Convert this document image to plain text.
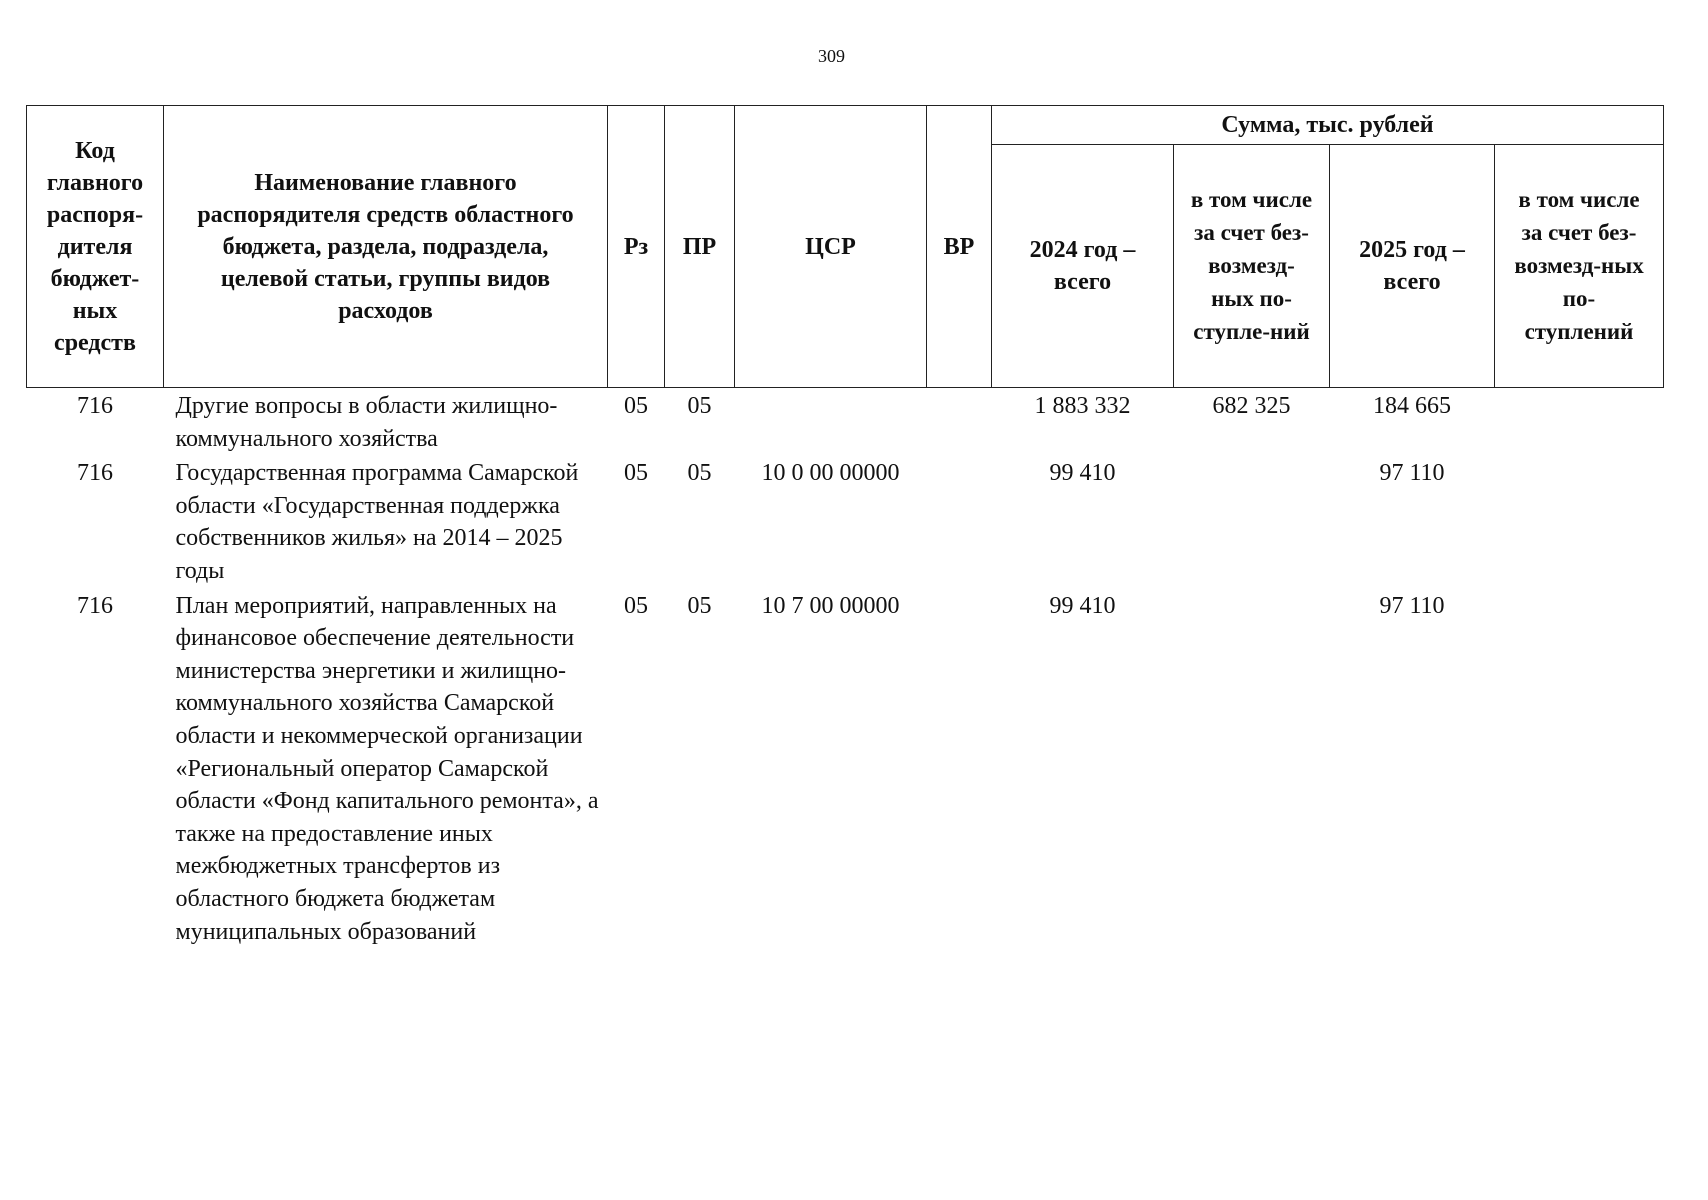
309
Код главного распоря-дителя бюджет-ных средств	Наименование главного распорядителя средств областного бюджета, раздела, подраздела, целевой статьи, группы видов расходов	Рз	ПР	ЦСР	ВР	Сумма, тыс. рублей			
						2024 год – всего	в том числе за счет без-возмезд-ных по-ступле-ний	2025 год – всего	в том числе за счет без-возмезд-ных по-ступлений
716	Другие вопросы в области жилищно-коммунального хозяйства	05	05			1 883 332	682 325	184 665	
716	Государственная программа Самарской области «Государственная поддержка собственников жилья» на 2014 – 2025 годы	05	05	10 0 00 00000		99 410		97 110	
716	План мероприятий, направленных на финансовое обеспечение деятельности министерства энергетики и жилищно-коммунального хозяйства Самарской области и некоммерческой организации «Региональный оператор Самарской области «Фонд капитального ремонта», а также на предоставление иных межбюджетных трансфертов из областного бюджета бюджетам муниципальных образований	05	05	10 7 00 00000		99 410		97 110	
